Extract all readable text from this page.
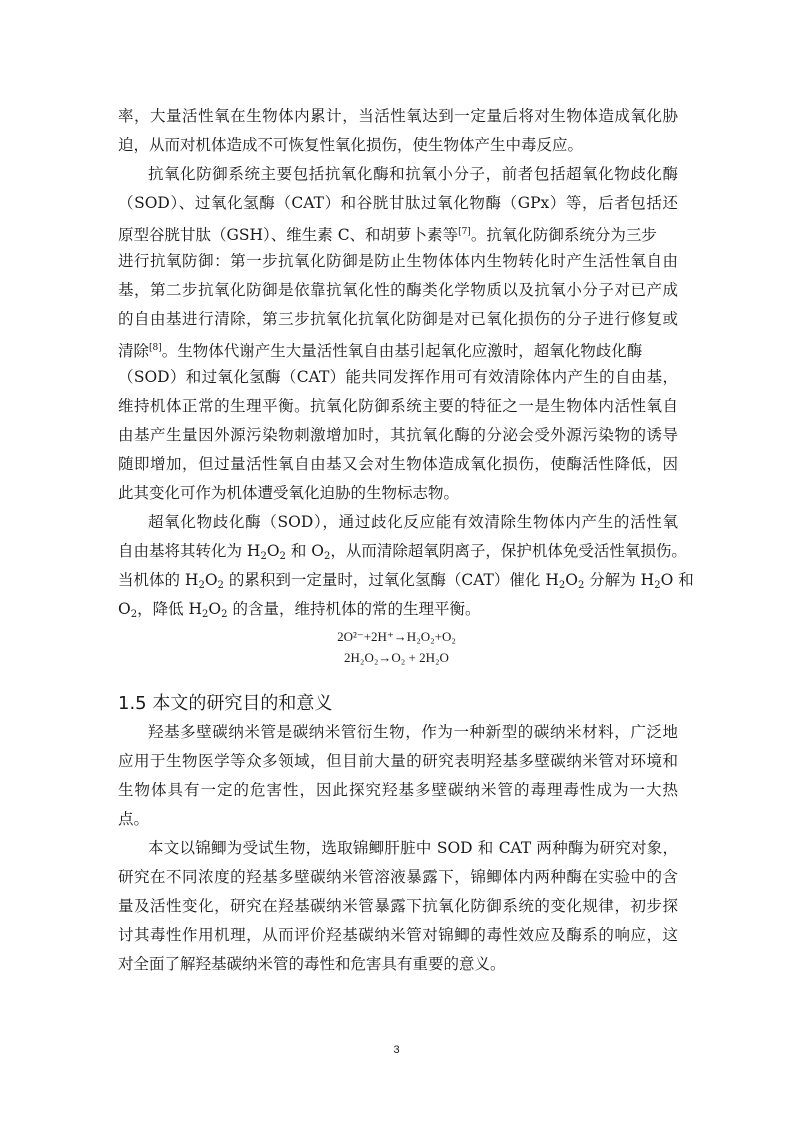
率，大量活性氧在生物体内累计，当活性氧达到一定量后将对生物体造成氧化胁
迫，从而对机体造成不可恢复性氧化损伤，使生物体产生中毒反应。
抗氧化防御系统主要包括抗氧化酶和抗氧小分子，前者包括超氧化物歧化酶
（SOD）、过氧化氢酶（CAT）和谷胱甘肽过氧化物酶（GPx）等，后者包括还
原型谷胱甘肽（GSH）、维生素 C、和胡萝卜素等[7]。抗氧化防御系统分为三步
进行抗氧防御：第一步抗氧化防御是防止生物体体内生物转化时产生活性氧自由
基，第二步抗氧化防御是依靠抗氧化性的酶类化学物质以及抗氧小分子对已产成
的自由基进行清除，第三步抗氧化抗氧化防御是对已氧化损伤的分子进行修复或
清除[8]。生物体代谢产生大量活性氧自由基引起氧化应激时，超氧化物歧化酶
（SOD）和过氧化氢酶（CAT）能共同发挥作用可有效清除体内产生的自由基，
维持机体正常的生理平衡。抗氧化防御系统主要的特征之一是生物体内活性氧自
由基产生量因外源污染物刺激增加时，其抗氧化酶的分泌会受外源污染物的诱导
随即增加，但过量活性氧自由基又会对生物体造成氧化损伤，使酶活性降低，因
此其变化可作为机体遭受氧化迫胁的生物标志物。
超氧化物歧化酶（SOD），通过歧化反应能有效清除生物体内产生的活性氧
自由基将其转化为 $H_2O_2$ 和 $O_2$，从而清除超氧阴离子，保护机体免受活性氧损伤。
当机体的 $H_2O_2$ 的累积到一定量时，过氧化氢酶（CAT）催化 $H_2O_2$ 分解为 $H_2O$ 和
$O_2$，降低 $H_2O_2$ 的含量，维持机体的常的生理平衡。
2O²⁻+2H⁺→H₂O₂+O₂
2H₂O₂→O₂ + 2H₂O
1.5 本文的研究目的和意义
羟基多壁碳纳米管是碳纳米管衍生物，作为一种新型的碳纳米材料，广泛地
应用于生物医学等众多领域，但目前大量的研究表明羟基多壁碳纳米管对环境和
生物体具有一定的危害性，因此探究羟基多壁碳纳米管的毒理毒性成为一大热
点。
本文以锦鲫为受试生物，选取锦鲫肝脏中 SOD 和 CAT 两种酶为研究对象，
研究在不同浓度的羟基多壁碳纳米管溶液暴露下，锦鲫体内两种酶在实验中的含
量及活性变化，研究在羟基碳纳米管暴露下抗氧化防御系统的变化规律，初步探
讨其毒性作用机理，从而评价羟基碳纳米管对锦鲫的毒性效应及酶系的响应，这
对全面了解羟基碳纳米管的毒性和危害具有重要的意义。
3
